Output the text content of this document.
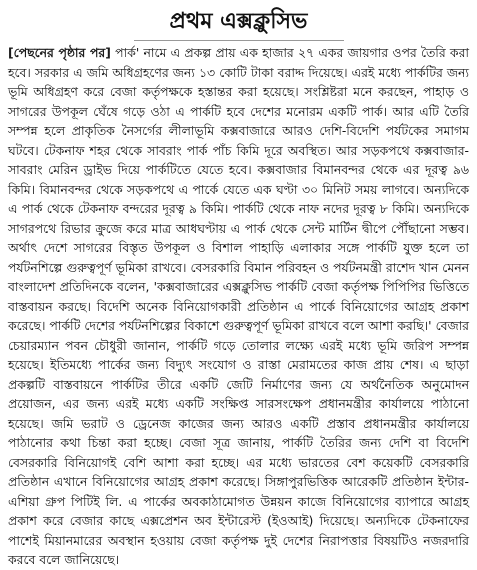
প্রথম এক্সক্লুসিভ

[পেছনের পৃষ্ঠার পর] পার্ক' নামে এ প্রকল্প প্রায় এক হাজার ২৭ একর জায়গার ওপর তৈরি করা হবে। সরকার এ জমি অধিগ্রহণের জন্য ১৩ কোটি টাকা বরাদ্দ দিয়েছে। এরই মধ্যে পার্কটির জন্য ভূমি অধিগ্রহণ করে বেজা কর্তৃপক্ষকে হস্তান্তর করা হয়েছে। সংশ্লিষ্টরা মনে করছেন, পাহাড় ও সাগরের উপকূল ঘেঁষে গড়ে ওঠা এ পার্কটি হবে দেশের মনোরম একটি পার্ক। আর এটি তৈরি সম্পন্ন হলে প্রাকৃতিক নৈসর্গের লীলাভূমি কক্সবাজারে আরও দেশি-বিদেশি পর্যটকের সমাগম ঘটবে। টেকনাফ শহর থেকে সাবরাং পার্ক পাঁচ কিমি দূরে অবস্থিত। আর সড়কপথে কক্সবাজার-সাবরাং মেরিন ড্রাইভ দিয়ে পার্কটিতে যেতে হবে। কক্সবাজার বিমানবন্দর থেকে এর দূরত্ব ৯৬ কিমি। বিমানবন্দর থেকে সড়কপথে এ পার্কে যেতে এক ঘণ্টা ৩০ মিনিট সময় লাগবে। অন্যদিকে এ পার্ক থেকে টেকনাফ বন্দরের দূরত্ব ৯ কিমি। পার্কটি থেকে নাফ নদের দূরত্ব ৮ কিমি। অন্যদিকে সাগরপথে রিভার ক্রুজে করে মাত্র আধঘণ্টায় এ পার্ক থেকে সেন্ট মার্টিন দ্বীপে পৌঁছানো সম্ভব। অর্থাৎ দেশে সাগরের বিস্তৃত উপকূল ও বিশাল পাহাড়ি এলাকার সঙ্গে পার্কটি যুক্ত হলে তা পর্যটনশিল্পে গুরুত্বপূর্ণ ভূমিকা রাখবে। বেসরকারি বিমান পরিবহন ও পর্যটনমন্ত্রী রাশেদ খান মেনন বাংলাদেশ প্রতিদিনকে বলেন, 'কক্সবাজারের এক্সক্লুসিভ পার্কটি বেজা কর্তৃপক্ষ পিপিপির ভিত্তিতে বাস্তবায়ন করছে। বিদেশি অনেক বিনিয়োগকারী প্রতিষ্ঠান এ পার্কে বিনিয়োগের আগ্রহ প্রকাশ করেছে। পার্কটি দেশের পর্যটনশিল্পের বিকাশে গুরুত্বপূর্ণ ভূমিকা রাখবে বলে আশা করছি।' বেজার চেয়ারম্যান পবন চৌধুরী জানান, পার্কটি গড়ে তোলার লক্ষ্যে এরই মধ্যে ভূমি জরিপ সম্পন্ন হয়েছে। ইতিমধ্যে পার্কের জন্য বিদ্যুৎ সংযোগ ও রাস্তা মেরামতের কাজ প্রায় শেষ। এ ছাড়া প্রকল্পটি বাস্তবায়নে পার্কটির তীরে একটি জেটি নির্মাণের জন্য যে অর্থনৈতিক অনুমোদন প্রয়োজন, এর জন্য এরই মধ্যে একটি সংক্ষিপ্ত সারসংক্ষেপ প্রধানমন্ত্রীর কার্যালয়ে পাঠানো হয়েছে। জমি ভরাট ও ড্রেনেজ কাজের জন্য আরও একটি প্রস্তাব প্রধানমন্ত্রীর কার্যালয়ে পাঠানোর কথা চিন্তা করা হচ্ছে। বেজা সূত্র জানায়, পার্কটি তৈরির জন্য দেশি বা বিদেশি বেসরকারি বিনিয়োগই বেশি আশা করা হচ্ছে। এর মধ্যে ভারতের বেশ কয়েকটি বেসরকারি প্রতিষ্ঠান এখানে বিনিয়োগের আগ্রহ প্রকাশ করেছে। সিঙ্গাপুরভিত্তিক আরেকটি প্রতিষ্ঠান ইন্টার-এশিয়া গ্রুপ পিটিই লি. এ পার্কের অবকাঠামোগত উন্নয়ন কাজে বিনিয়োগের ব্যাপারে আগ্রহ প্রকাশ করে বেজার কাছে এক্সপ্রেশন অব ইন্টারেস্ট (ইওআই) দিয়েছে। অন্যদিকে টেকনাফের পাশেই মিয়ানমারের অবস্থান হওয়ায় বেজা কর্তৃপক্ষ দুই দেশের নিরাপত্তার বিষয়টিও নজরদারি করবে বলে জানিয়েছে।
